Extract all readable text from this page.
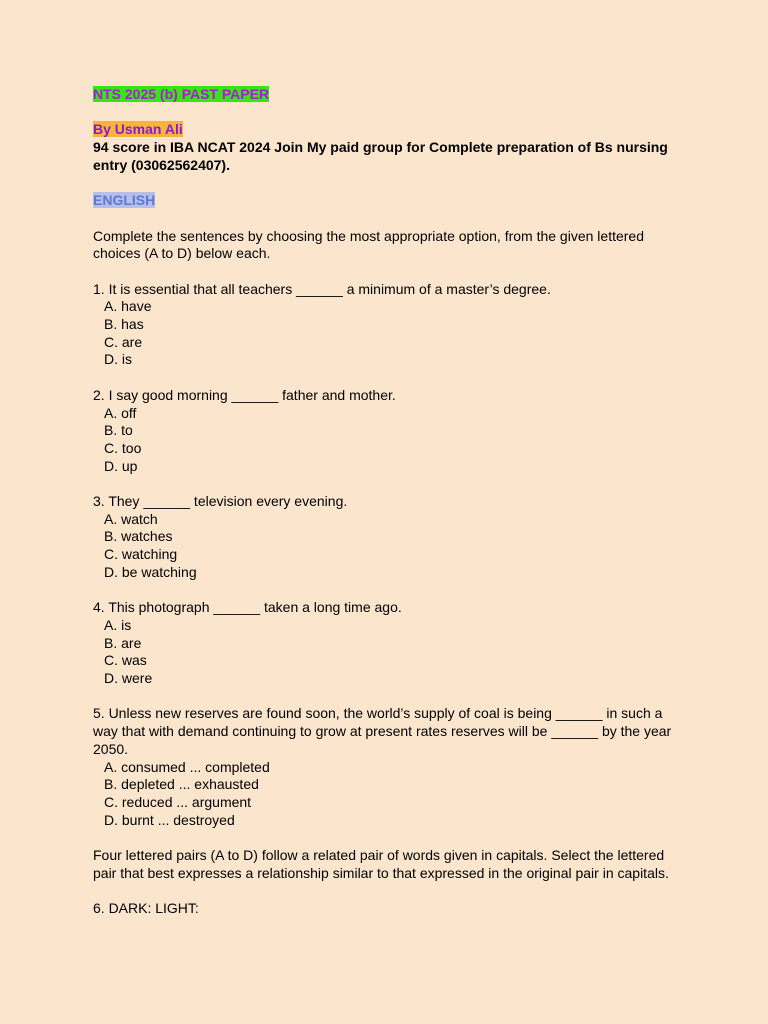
NTS 2025 (b) PAST PAPER
By Usman Ali
94 score in IBA NCAT 2024 Join My paid group for Complete preparation of Bs nursing entry (03062562407).
ENGLISH

Complete the sentences by choosing the most appropriate option, from the given lettered choices (A to D) below each.

1. It is essential that all teachers ______ a minimum of a master’s degree.

A. have
B. has
C. are
D. is

2. I say good morning ______ father and mother.

A. off
B. to
C. too
D. up

3. They ______ television every evening.

A. watch
B. watches
C. watching
D. be watching

4. This photograph ______ taken a long time ago.

A. is
B. are
C. was
D. were

5. Unless new reserves are found soon, the world’s supply of coal is being ______ in such a way that with demand continuing to grow at present rates reserves will be ______ by the year 2050.

A. consumed ... completed
B. depleted ... exhausted
C. reduced ... argument
D. burnt ... destroyed

Four lettered pairs (A to D) follow a related pair of words given in capitals. Select the lettered pair that best expresses a relationship similar to that expressed in the original pair in capitals.

6. DARK: LIGHT:
